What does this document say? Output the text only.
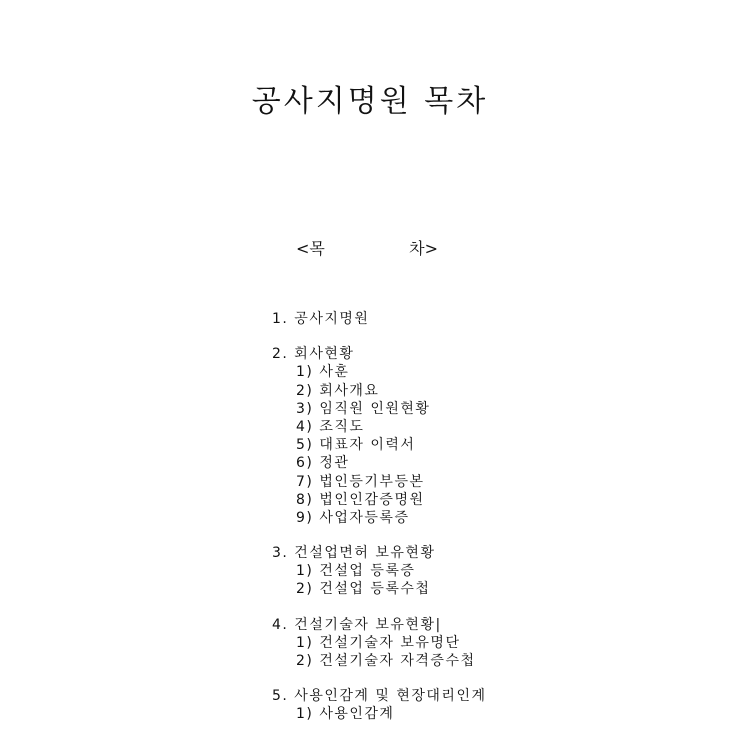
공사지명원 목차
<목	차>
1. 공사지명원
2. 회사현황
1) 사훈
2) 회사개요
3) 임직원 인원현황
4) 조직도
5) 대표자 이력서
6) 정관
7) 법인등기부등본
8) 법인인감증명원
9) 사업자등록증
3. 건설업면허 보유현황
1) 건설업 등록증
2) 건설업 등록수첩
4. 건설기술자 보유현황|
1) 건설기술자 보유명단
2) 건설기술자 자격증수첩
5. 사용인감계 및 현장대리인계
1) 사용인감계
